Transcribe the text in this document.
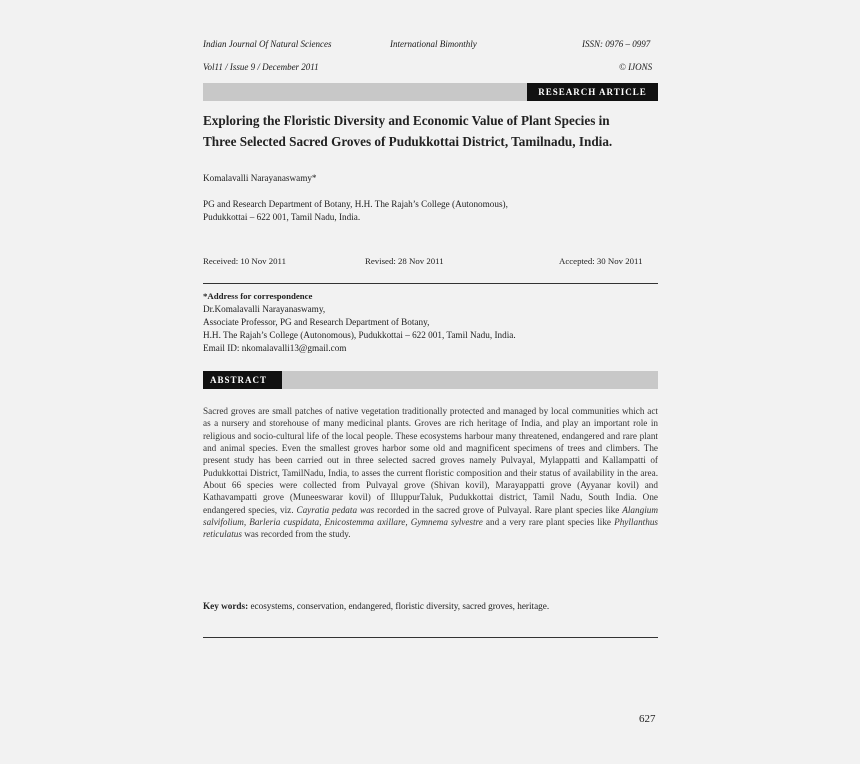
Indian Journal Of Natural Sciences	International Bimonthly	ISSN: 0976 – 0997
Vol11 / Issue 9 / December 2011	© IJONS
RESEARCH ARTICLE
Exploring the Floristic Diversity and Economic Value of Plant Species in
Three Selected Sacred Groves of Pudukkottai District, Tamilnadu, India.
Komalavalli Narayanaswamy*
PG and Research Department of Botany, H.H. The Rajah’s College (Autonomous),
Pudukkottai – 622 001, Tamil Nadu, India.
Received: 10 Nov 2011	Revised: 28 Nov 2011	Accepted: 30 Nov 2011
*Address for correspondence
Dr.Komalavalli Narayanaswamy,
Associate Professor, PG and Research Department of Botany,
H.H. The Rajah’s College (Autonomous), Pudukkottai – 622 001, Tamil Nadu, India.
Email ID: nkomalavalli13@gmail.com
ABSTRACT

Sacred groves are small patches of native vegetation traditionally protected and managed by local communities which act as a nursery and storehouse of many medicinal plants. Groves are rich heritage of India, and play an important role in religious and socio-cultural life of the local people. These ecosystems harbour many threatened, endangered and rare plant and animal species. Even the smallest groves harbor some old and magnificent specimens of trees and climbers. The present study has been carried out in three selected sacred groves namely Pulvayal, Mylappatti and Kallampatti of Pudukkottai District, TamilNadu, India, to asses the current floristic composition and their status of availability in the area. About 66 species were collected from Pulvayal grove (Shivan kovil), Marayappatti grove (Ayyanar kovil) and Kathavampatti grove (Muneeswarar kovil) of IlluppurTaluk, Pudukkottai district, Tamil Nadu, South India. One endangered species, viz. Cayratia pedata was recorded in the sacred grove of Pulvayal. Rare plant species like Alangium salvifolium, Barleria cuspidata, Enicostemma axillare, Gymnema sylvestre and a very rare plant species like Phyllanthus reticulatus was recorded from the study.

Key words: ecosystems, conservation, endangered, floristic diversity, sacred groves, heritage.
627
